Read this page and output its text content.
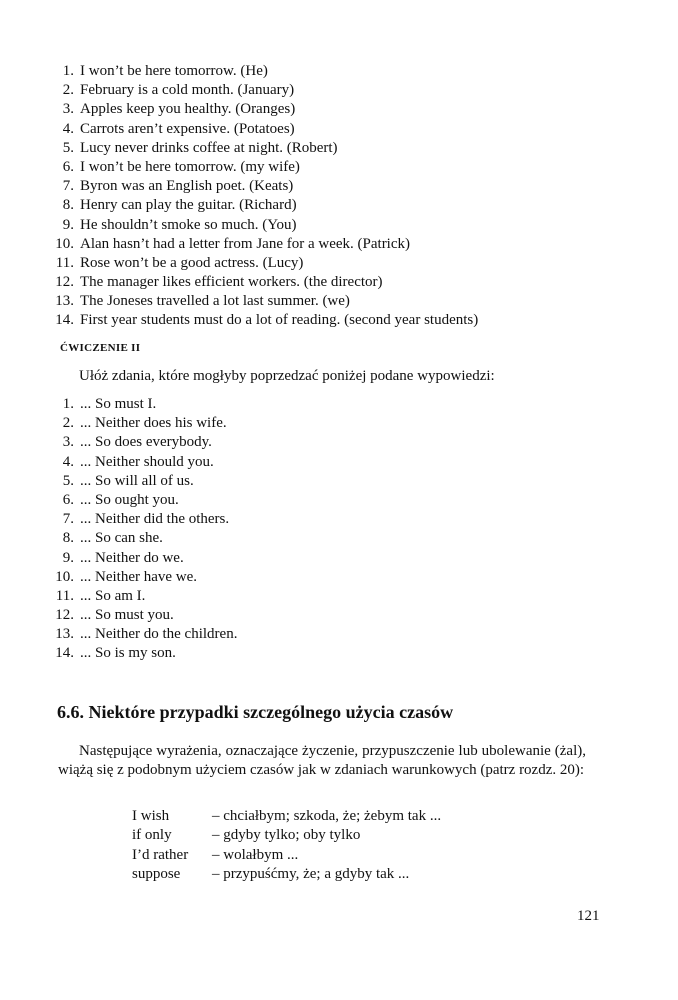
1. I won’t be here tomorrow. (He)
2. February is a cold month. (January)
3. Apples keep you healthy. (Oranges)
4. Carrots aren’t expensive. (Potatoes)
5. Lucy never drinks coffee at night. (Robert)
6. I won’t be here tomorrow. (my wife)
7. Byron was an English poet. (Keats)
8. Henry can play the guitar. (Richard)
9. He shouldn’t smoke so much. (You)
10. Alan hasn’t had a letter from Jane for a week. (Patrick)
11. Rose won’t be a good actress. (Lucy)
12. The manager likes efficient workers. (the director)
13. The Joneses travelled a lot last summer. (we)
14. First year students must do a lot of reading. (second year students)
ĆWICZENIE II
Ułóż zdania, które mogłyby poprzedzać poniżej podane wypowiedzi:
1. ... So must I.
2. ... Neither does his wife.
3. ... So does everybody.
4. ... Neither should you.
5. ... So will all of us.
6. ... So ought you.
7. ... Neither did the others.
8. ... So can she.
9. ... Neither do we.
10. ... Neither have we.
11. ... So am I.
12. ... So must you.
13. ... Neither do the children.
14. ... So is my son.
6.6. Niektóre przypadki szczególnego użycia czasów
Następujące wyrażenia, oznaczające życzenie, przypuszczenie lub ubolewanie (żal), wiążą się z podobnym użyciem czasów jak w zdaniach warunkowych (patrz rozdz. 20):
I wish	– chciałbym; szkoda, że; żebym tak ...
if only	– gdyby tylko; oby tylko
I’d rather	– wolałbym ...
suppose	– przypuśćmy, że; a gdyby tak ...
121
